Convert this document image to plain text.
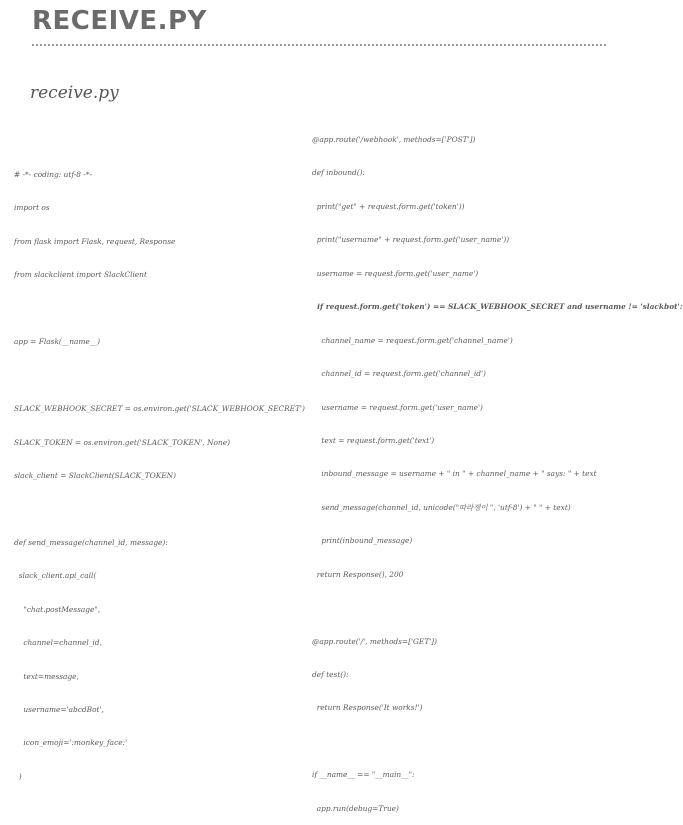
RECEIVE.PY
receive.py

# -*- coding: utf-8 -*-

import os

from flask import Flask, request, Response

from slackclient import SlackClient

app = Flask(__name__)

SLACK_WEBHOOK_SECRET = os.environ.get('SLACK_WEBHOOK_SECRET')

SLACK_TOKEN = os.environ.get('SLACK_TOKEN', None)

slack_client = SlackClient(SLACK_TOKEN)

def send_message(channel_id, message):

slack_client.api_call(

"chat.postMessage",

channel=channel_id,

text=message,

username='abcdBot',

icon_emoji=':monkey_face:'

)

@app.route('/webhook', methods=['POST'])

def inbound():

print("get" + request.form.get('token'))

print("username" + request.form.get('user_name'))

username = request.form.get('user_name')

if request.form.get('token') == SLACK_WEBHOOK_SECRET and username != 'slackbot':

channel_name = request.form.get('channel_name')

channel_id = request.form.get('channel_id')

username = request.form.get('user_name')

text = request.form.get('text')

inbound_message = username + " in " + channel_name + " says: " + text

send_message(channel_id, unicode("따라쟁이 ", 'utf-8') + " " + text)

print(inbound_message)

return Response(), 200

@app.route('/', methods=['GET'])

def test():

return Response('It works!')

if __name__ == "__main__":

app.run(debug=True)
